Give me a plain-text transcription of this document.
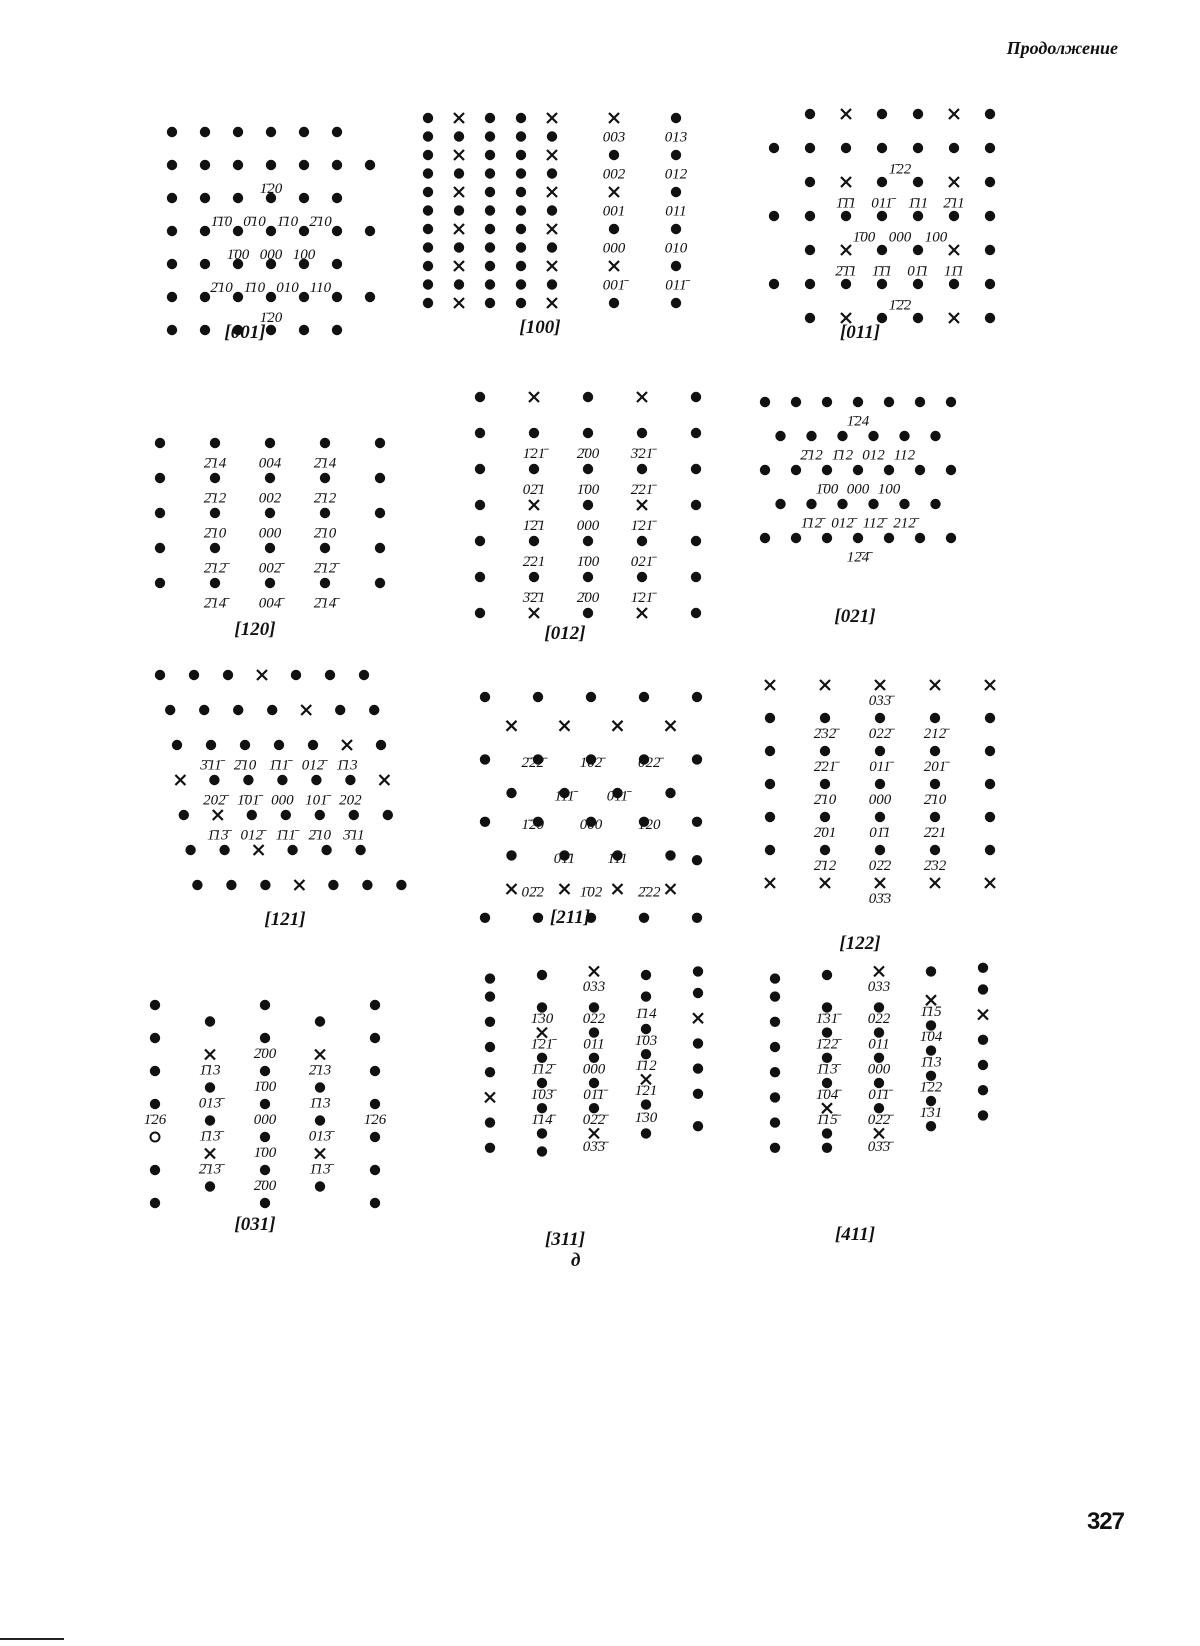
Продолжение
1̄20
1̄1̄0 0̄10 1̄10 2̄10
1̄00 000 100
2̄10 1̄10 010 110
1̄20
[001]
003	013
002	012
001	011
000	010
001̄	011̄
[100]
1̄22
1̄1̄1 011̄ 1̄11 2̄11
1̄00 000 100
2̄1̄1 1̄1̄1 01̄1 11̄1
1̄2̄2
[011]
2̄14 004 2̄14
2̄12 002 2̄12
2̄10 000 2̄10
2̄12̄ 002̄ 2̄12̄
2̄14̄ 004̄ 2̄14̄
[120]
1̄21̄ 2̄00 3̄21̄
02̄1 1̄00 2̄21̄
1̄2̄1 000 1̄21̄
2̄21 1̄00 021̄
3̄2̄1 2̄00 1̄21̄
[012]
1̄24
2̄12 1̄12 012 112
1̄00 000 100
1̄12̄ 012̄ 112̄ 212̄
12̄4̄
[021]
3̄11̄ 2̄10 1̄11̄ 012̄ 1̄13
202̄ 1̄01̄ 000 101̄ 202
1̄13̄ 012̄ 1̄11̄ 2̄10 3̄11
[121]
2̄22̄ 1̄02̄ 022̄
1̄11̄ 011̄
1̄20 000 1̄20
01̄1 1̄11
02̄2 1̄02 2̄22
[211]
033̄
2̄32̄ 022̄ 212̄
2̄21̄ 011̄ 201̄
2̄10 000 2̄10
2̄01 01̄1 2̄21
2̄12 02̄2 2̄32
03̄3
[122]
2̄00
1̄13	2̄13
1̄00
013̄	1̄13
1̄26	000	1̄26
1̄13̄	013̄
1̄00
2̄13̄	1̄13̄
2̄00
[031]
033
1̄30 022 1̄14
1̄21̄ 011 1̄03
1̄12̄ 000 1̄12
1̄03̄ 01̄1̄ 1̄21
1̄14̄ 02̄2̄ 1̄30
03̄3̄
[311]
033
1̄31̄ 022 1̄15
1̄22̄ 011 1̄04
1̄13̄ 000 1̄13
1̄04̄ 01̄1̄ 1̄22
1̄15̄ 02̄2̄ 1̄31
03̄3̄
[411]
д
327
